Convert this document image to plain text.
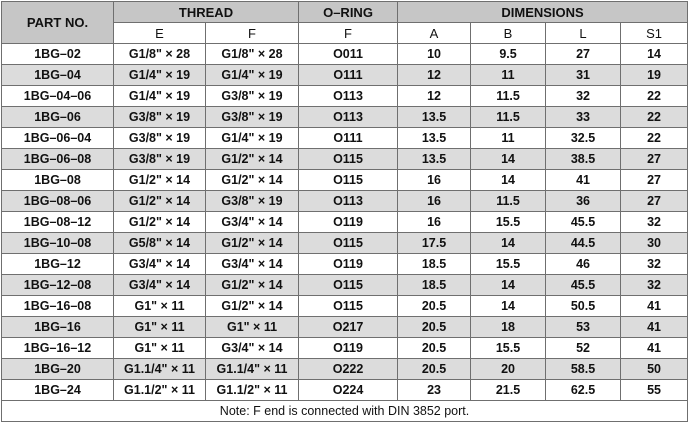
PART NO.	THREAD		O–RING	DIMENSIONS			
	E	F	F	A	B	L	S1
1BG–02	G1/8" × 28	G1/8" × 28	O011	10	9.5	27	14
1BG–04	G1/4" × 19	G1/4" × 19	O111	12	11	31	19
1BG–04–06	G1/4" × 19	G3/8" × 19	O113	12	11.5	32	22
1BG–06	G3/8" × 19	G3/8" × 19	O113	13.5	11.5	33	22
1BG–06–04	G3/8" × 19	G1/4" × 19	O111	13.5	11	32.5	22
1BG–06–08	G3/8" × 19	G1/2" × 14	O115	13.5	14	38.5	27
1BG–08	G1/2" × 14	G1/2" × 14	O115	16	14	41	27
1BG–08–06	G1/2" × 14	G3/8" × 19	O113	16	11.5	36	27
1BG–08–12	G1/2" × 14	G3/4" × 14	O119	16	15.5	45.5	32
1BG–10–08	G5/8" × 14	G1/2" × 14	O115	17.5	14	44.5	30
1BG–12	G3/4" × 14	G3/4" × 14	O119	18.5	15.5	46	32
1BG–12–08	G3/4" × 14	G1/2" × 14	O115	18.5	14	45.5	32
1BG–16–08	G1" × 11	G1/2" × 14	O115	20.5	14	50.5	41
1BG–16	G1" × 11	G1" × 11	O217	20.5	18	53	41
1BG–16–12	G1" × 11	G3/4" × 14	O119	20.5	15.5	52	41
1BG–20	G1.1/4" × 11	G1.1/4" × 11	O222	20.5	20	58.5	50
1BG–24	G1.1/2" × 11	G1.1/2" × 11	O224	23	21.5	62.5	55
Note: F end is connected with DIN 3852 port.							
